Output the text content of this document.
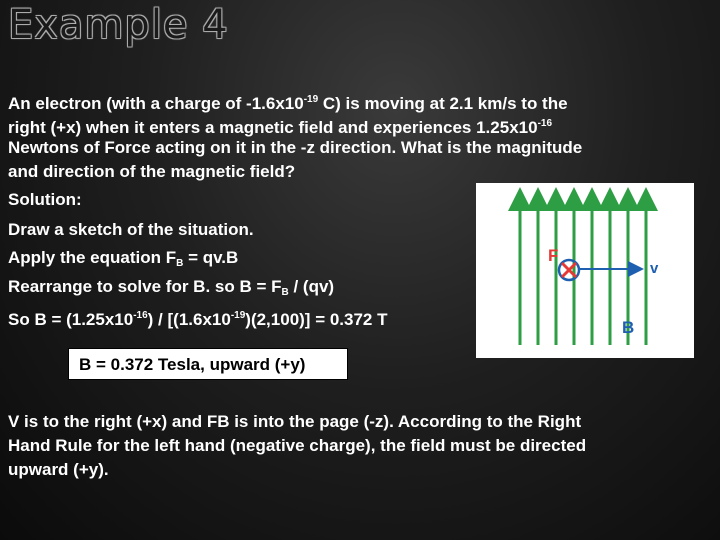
Example 4
An electron (with a charge of $-1.6x10^{-19}$ C) is moving at 2.1 km/s to the
right (+x) when it enters a magnetic field and experiences $1.25x10^{-16}$
Newtons of Force acting on it in the -z direction. What is the magnitude
and direction of the magnetic field?
Solution:
Draw a sketch of the situation.
Apply the equation $F_B = qv.B$
Rearrange to solve for B. so $B = F_B / (qv)$
So $B = (1.25x10^{-16}) / [(1.6x10^{-19})(2,100)] = 0.372$ T
F
v
B
B = 0.372 Tesla, upward (+y)
V is to the right (+x) and FB is into the page (-z). According to the Right
Hand Rule for the left hand (negative charge), the field must be directed
upward (+y).
